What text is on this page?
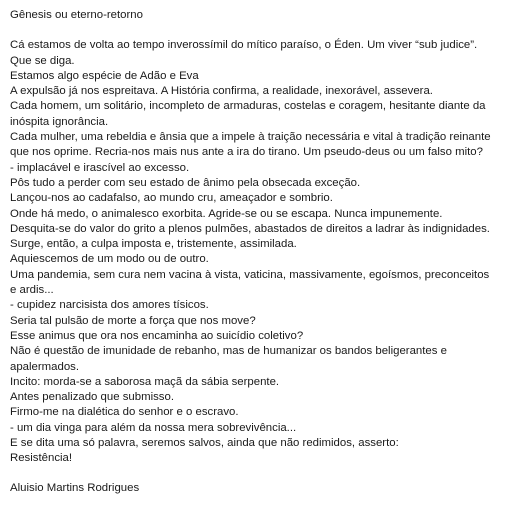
Gênesis ou eterno-retorno
Cá estamos de volta ao tempo inverossímil do mítico paraíso, o Éden. Um viver “sub judice”.
Que se diga.
Estamos algo espécie de Adão e Eva
A expulsão já nos espreitava. A História confirma, a realidade, inexorável, assevera.
Cada homem, um solitário, incompleto de armaduras, costelas e coragem, hesitante diante da
inóspita ignorância.
Cada mulher, uma rebeldia e ânsia que a impele à traição necessária e vital à tradição reinante
que nos oprime. Recria-nos mais nus ante a ira do tirano. Um pseudo-deus ou um falso mito?
- implacável e irascível ao excesso.
Pôs tudo a perder com seu estado de ânimo pela obsecada exceção.
Lançou-nos ao cadafalso, ao mundo cru, ameaçador e sombrio.
Onde há medo, o animalesco exorbita. Agride-se ou se escapa. Nunca impunemente.
Desquita-se do valor do grito a plenos pulmões, abastados de direitos a ladrar às indignidades.
Surge, então, a culpa imposta e, tristemente, assimilada.
Aquiescemos de um modo ou de outro.
Uma pandemia, sem cura nem vacina à vista, vaticina, massivamente, egoísmos, preconceitos
e ardis...
- cupidez narcisista dos amores tísicos.
Seria tal pulsão de morte a força que nos move?
Esse animus que ora nos encaminha ao suicídio coletivo?
Não é questão de imunidade de rebanho, mas de humanizar os bandos beligerantes e
apalermados.
Incito: morda-se a saborosa maçã da sábia serpente.
Antes penalizado que submisso.
Firmo-me na dialética do senhor e o escravo.
- um dia vinga para além da nossa mera sobrevivência...
E se dita uma só palavra, seremos salvos, ainda que não redimidos, asserto:
Resistência!
Aluisio Martins Rodrigues
